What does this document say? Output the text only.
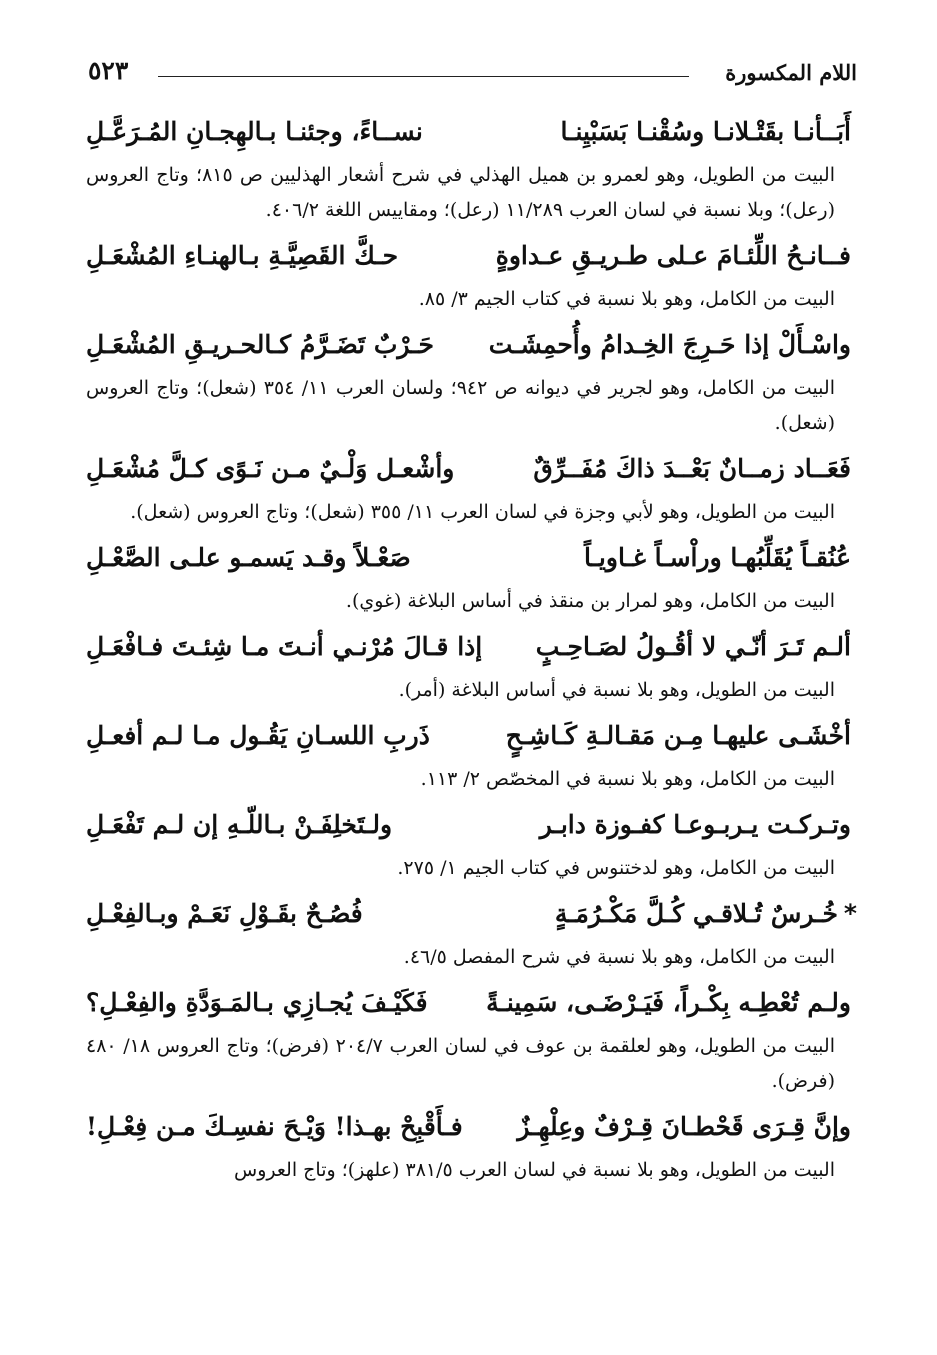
اللام المكسورة
٥٢٣
أَبَــأنـا بقَتْـلانـا وسُقْنـا بَسَبْيِنـا
نســاءً، وجئنـا بـالهِجـانِ المُـرَعَّـلِ

البيت من الطويل، وهو لعمرو بن هميل الهذلي في شرح أشعار الهذليين ص ٨١٥؛ وتاج العروس (رعل)؛ وبلا نسبة في لسان العرب ١١/٢٨٩ (رعل)؛ ومقاييس اللغة ٤٠٦/٢.

فــانـحُ اللِّئـامَ عـلى طـريـقِ عـداوةٍ
حـكَّ القَصِيَّـةِ بـالهنـاءِ المُشْعَـلِ

البيت من الكامل، وهو بلا نسبة في كتاب الجيم ٣/ ٨٥.

واسْـأَلْ إذا حَـرِجَ الخِـدامُ وأُحمِشَـت
حَـرْبٌ تَضَـرَّمُ كـالحـريـقِ المُشْعَـلِ

البيت من الكامل، وهو لجرير في ديوانه ص ٩٤٢؛ ولسان العرب ١١/ ٣٥٤ (شعل)؛ وتاج العروس (شعل).

فَعَــاد زمــانٌ بَعْــدَ ذاكَ مُفَــرِّقٌ
وأشْعـل وَلْـيٌ مـن نَـوًى كـلَّ مُشْعَـلِ

البيت من الطويل، وهو لأبي وجزة في لسان العرب ١١/ ٣٥٥ (شعل)؛ وتاج العروس (شعل).

عُنُقـاً يُقَلِّبُهـا وراْسـاً غـاويـاً
صَعْـلاً وقـد يَسمـو علـى الصَّعْـلِ

البيت من الكامل، وهو لمرار بن منقذ في أساس البلاغة (غوي).

ألـم تَـرَ أنّـي لا أقُـولُ لصَـاحِـبٍ
إذا قـالَ مُرْنـي أنـتَ مـا شِئـتَ فـافْعَـلِ

البيت من الطويل، وهو بلا نسبة في أساس البلاغة (أمر).

أخْشَـى عليهـا مِـن مَقـالـةِ كَـاشِـحٍ
ذَربِ اللسـانِ يَقُـول مـا لـم أفعـلِ

البيت من الكامل، وهو بلا نسبة في المخصّص ٢/ ١١٣.

وتـركـت يـربـوعـا كفـوزة دابـر
ولـتَخلِفَـنْ بـاللّـهِ إن لـم تَفْعَـلِ

البيت من الكامل، وهو لدختنوس في كتاب الجيم ١/ ٢٧٥.

*خُـرسٌ تُـلاقـي كُـلَّ مَكْـرُمَـةٍ
فُصُـحٌ بقَـوْلِ نَعَـمْ وبـالفِعْـلِ

البيت من الكامل، وهو بلا نسبة في شرح المفصل ٤٦/٥.

ولـم تُعْطِـه بِكْـراً، فَيَـرْضَـى، سَمِينـةً
فَكَيْـفَ يُجـازِي بـالمَـوَدَّةِ والفِعْـلِ؟

البيت من الطويل، وهو لعلقمة بن عوف في لسان العرب ٢٠٤/٧ (فرض)؛ وتاج العروس ١٨/ ٤٨٠ (فرض).

وإنَّ قِـرَى قَحْطـانَ قِـرْفٌ وعِلْهِـزٌ
فـأَقْبِحْ بهـذا! وَيْـحَ نفسِـكَ مـن فِعْـلِ!

البيت من الطويل، وهو بلا نسبة في لسان العرب ٣٨١/٥ (علهز)؛ وتاج العروس
